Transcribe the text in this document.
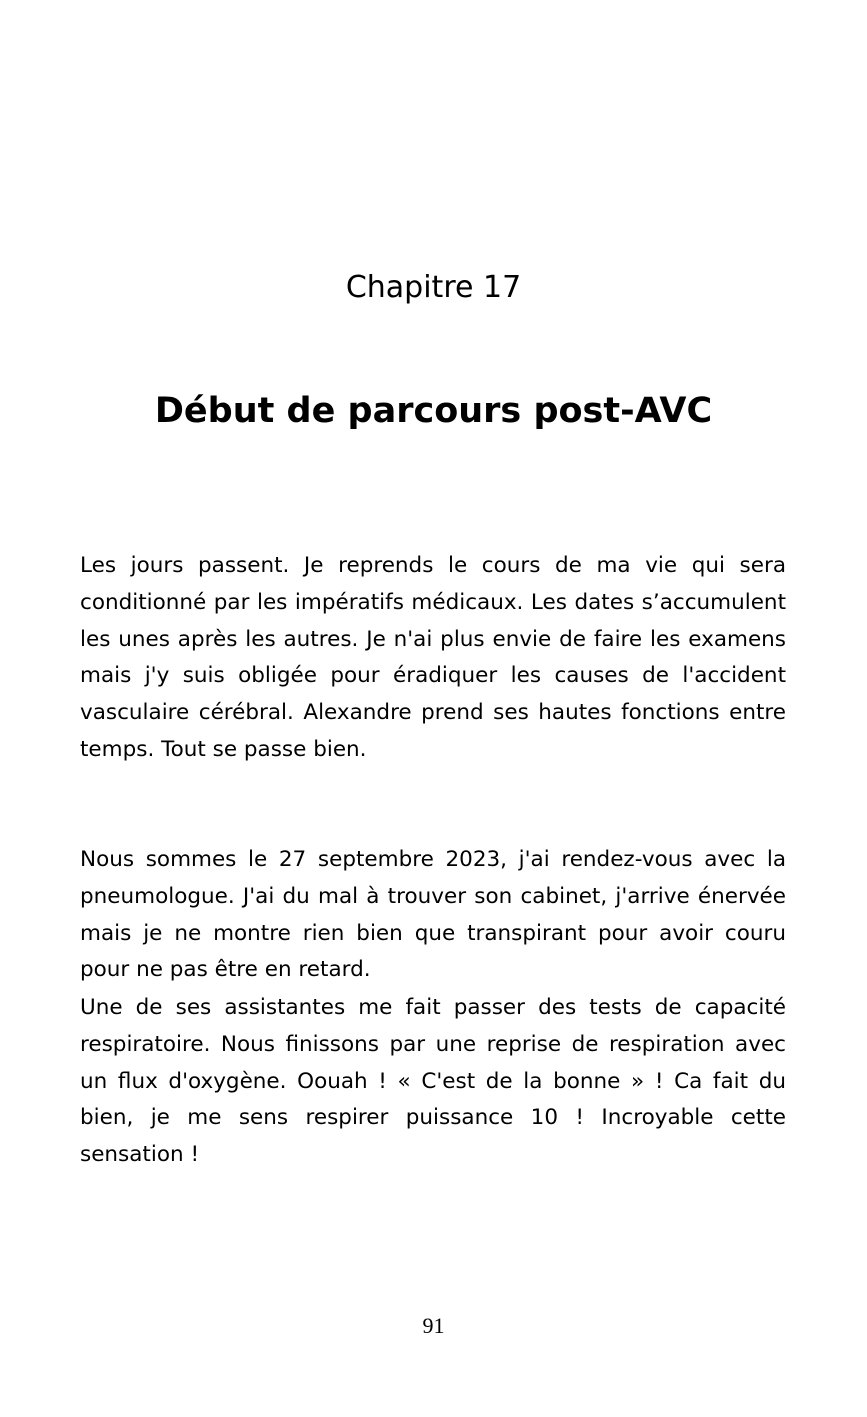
Chapitre 17
Début de parcours post-AVC

Les jours passent. Je reprends le cours de ma vie qui sera conditionné par les impératifs médicaux. Les dates s’accumulent les unes après les autres. Je n'ai plus envie de faire les examens mais j'y suis obligée pour éradiquer les causes de l'accident vasculaire cérébral. Alexandre prend ses hautes fonctions entre temps. Tout se passe bien.

Nous sommes le 27 septembre 2023, j'ai rendez-vous avec la pneumologue. J'ai du mal à trouver son cabinet, j'arrive énervée mais je ne montre rien bien que transpirant pour avoir couru pour ne pas être en retard.

Une de ses assistantes me fait passer des tests de capacité respiratoire. Nous finissons par une reprise de respiration avec un flux d'oxygène. Oouah ! « C'est de la bonne » ! Ca fait du bien, je me sens respirer puissance 10 ! Incroyable cette sensation !

91
